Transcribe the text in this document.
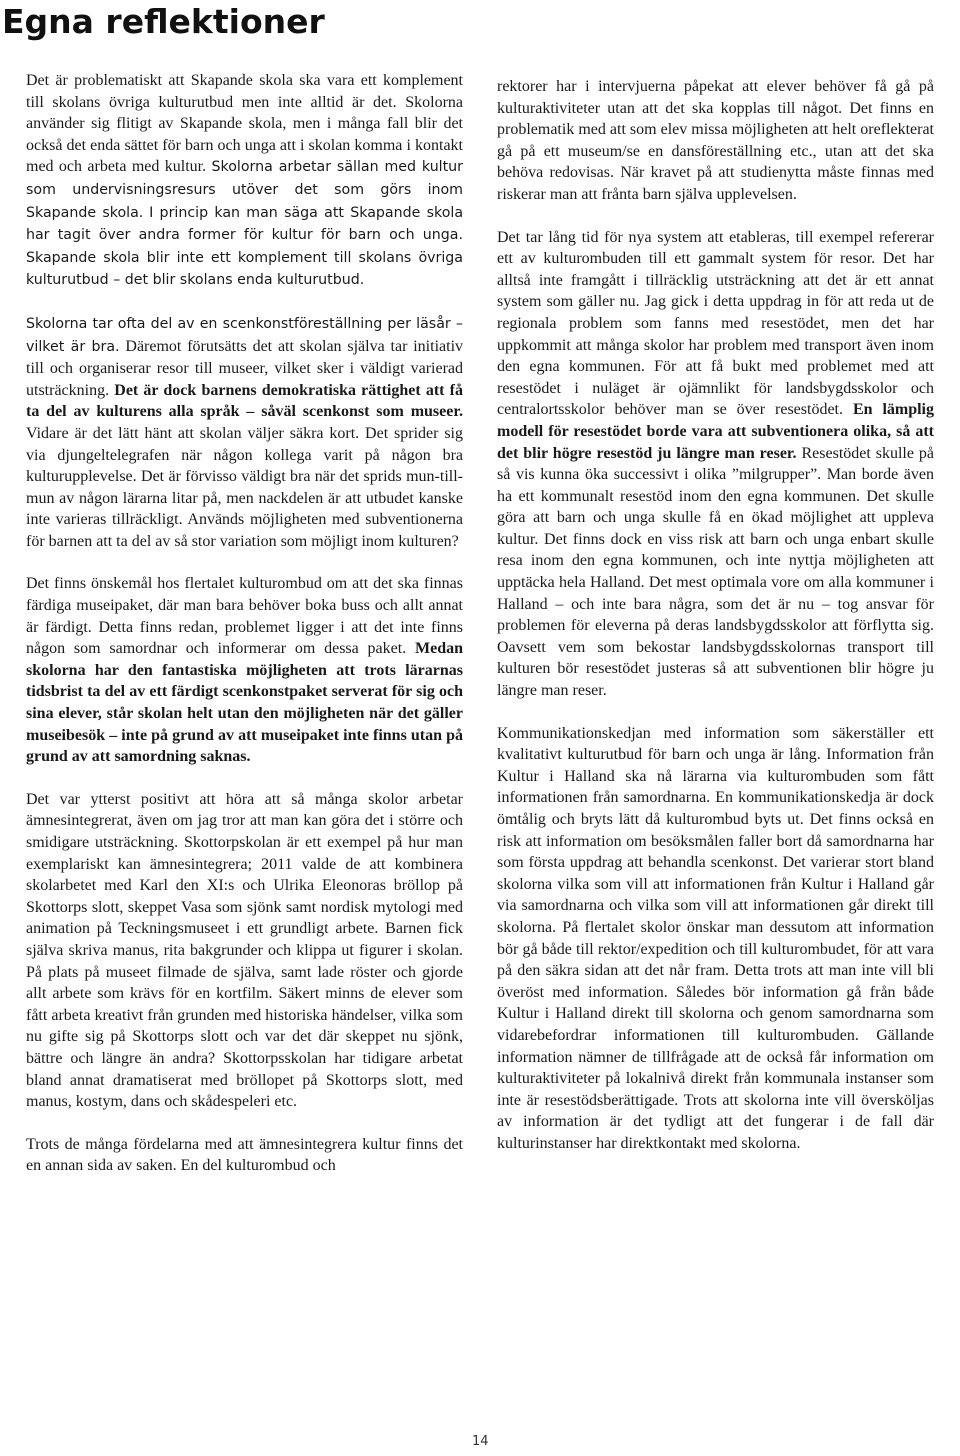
Egna reflektioner

Det är problematiskt att Skapande skola ska vara ett komplement till skolans övriga kulturutbud men inte alltid är det. Skolorna använder sig flitigt av Skapande skola, men i många fall blir det också det enda sättet för barn och unga att i skolan komma i kontakt med och arbeta med kultur. Skolorna arbetar sällan med kultur som undervisningsresurs utöver det som görs inom Skapande skola. I princip kan man säga att Skapande skola har tagit över andra former för kultur för barn och unga. Skapande skola blir inte ett komplement till skolans övriga kulturutbud – det blir skolans enda kulturutbud.

Skolorna tar ofta del av en scenkonstföreställning per läsår – vilket är bra. Däremot förutsätts det att skolan själva tar initiativ till och organiserar resor till museer, vilket sker i väldigt varierad utsträckning. Det är dock barnens demokratiska rättighet att få ta del av kulturens alla språk – såväl scenkonst som museer. Vidare är det lätt hänt att skolan väljer säkra kort. Det sprider sig via djungeltelegrafen när någon kollega varit på någon bra kulturupplevelse. Det är förvisso väldigt bra när det sprids mun-till-mun av någon lärarna litar på, men nackdelen är att utbudet kanske inte varieras tillräckligt. Används möjligheten med subventionerna för barnen att ta del av så stor variation som möjligt inom kulturen?

Det finns önskemål hos flertalet kulturombud om att det ska finnas färdiga museipaket, där man bara behöver boka buss och allt annat är färdigt. Detta finns redan, problemet ligger i att det inte finns någon som samordnar och informerar om dessa paket. Medan skolorna har den fantastiska möjligheten att trots lärarnas tidsbrist ta del av ett färdigt scenkonstpaket serverat för sig och sina elever, står skolan helt utan den möjligheten när det gäller museibesök – inte på grund av att museipaket inte finns utan på grund av att samordning saknas.

Det var ytterst positivt att höra att så många skolor arbetar ämnesintegrerat, även om jag tror att man kan göra det i större och smidigare utsträckning. Skottorpskolan är ett exempel på hur man exemplariskt kan ämnesintegrera; 2011 valde de att kombinera skolarbetet med Karl den XI:s och Ulrika Eleonoras bröllop på Skottorps slott, skeppet Vasa som sjönk samt nordisk mytologi med animation på Teckningsmuseet i ett grundligt arbete. Barnen fick själva skriva manus, rita bakgrunder och klippa ut figurer i skolan. På plats på museet filmade de själva, samt lade röster och gjorde allt arbete som krävs för en kortfilm. Säkert minns de elever som fått arbeta kreativt från grunden med historiska händelser, vilka som nu gifte sig på Skottorps slott och var det där skeppet nu sjönk, bättre och längre än andra? Skottorpsskolan har tidigare arbetat bland annat dramatiserat med bröllopet på Skottorps slott, med manus, kostym, dans och skådespeleri etc.

Trots de många fördelarna med att ämnesintegrera kultur finns det en annan sida av saken. En del kulturombud och

rektorer har i intervjuerna påpekat att elever behöver få gå på kulturaktiviteter utan att det ska kopplas till något. Det finns en problematik med att som elev missa möjligheten att helt oreflekterat gå på ett museum/se en dansföreställning etc., utan att det ska behöva redovisas. När kravet på att studienytta måste finnas med riskerar man att frånta barn själva upplevelsen.

Det tar lång tid för nya system att etableras, till exempel refererar ett av kulturombuden till ett gammalt system för resor. Det har alltså inte framgått i tillräcklig utsträckning att det är ett annat system som gäller nu. Jag gick i detta uppdrag in för att reda ut de regionala problem som fanns med resestödet, men det har uppkommit att många skolor har problem med transport även inom den egna kommunen. För att få bukt med problemet med att resestödet i nuläget är ojämnlikt för landsbygdsskolor och centralortsskolor behöver man se över resestödet. En lämplig modell för resestödet borde vara att subventionera olika, så att det blir högre resestöd ju längre man reser. Resestödet skulle på så vis kunna öka successivt i olika ”milgrupper”. Man borde även ha ett kommunalt resestöd inom den egna kommunen. Det skulle göra att barn och unga skulle få en ökad möjlighet att uppleva kultur. Det finns dock en viss risk att barn och unga enbart skulle resa inom den egna kommunen, och inte nyttja möjligheten att upptäcka hela Halland. Det mest optimala vore om alla kommuner i Halland – och inte bara några, som det är nu – tog ansvar för problemen för eleverna på deras landsbygdsskolor att förflytta sig. Oavsett vem som bekostar landsbygdsskolornas transport till kulturen bör resestödet justeras så att subventionen blir högre ju längre man reser.

Kommunikationskedjan med information som säkerställer ett kvalitativt kulturutbud för barn och unga är lång. Information från Kultur i Halland ska nå lärarna via kulturombuden som fått informationen från samordnarna. En kommunikationskedja är dock ömtålig och bryts lätt då kulturombud byts ut. Det finns också en risk att information om besöksmålen faller bort då samordnarna har som första uppdrag att behandla scenkonst. Det varierar stort bland skolorna vilka som vill att informationen från Kultur i Halland går via samordnarna och vilka som vill att informationen går direkt till skolorna. På flertalet skolor önskar man dessutom att information bör gå både till rektor/expedition och till kulturombudet, för att vara på den säkra sidan att det når fram. Detta trots att man inte vill bli överöst med information. Således bör information gå från både Kultur i Halland direkt till skolorna och genom samordnarna som vidarebefordrar informationen till kulturombuden. Gällande information nämner de tillfrågade att de också får information om kulturaktiviteter på lokalnivå direkt från kommunala instanser som inte är resestödsberättigade. Trots att skolorna inte vill översköljas av information är det tydligt att det fungerar i de fall där kulturinstanser har direktkontakt med skolorna.

14
